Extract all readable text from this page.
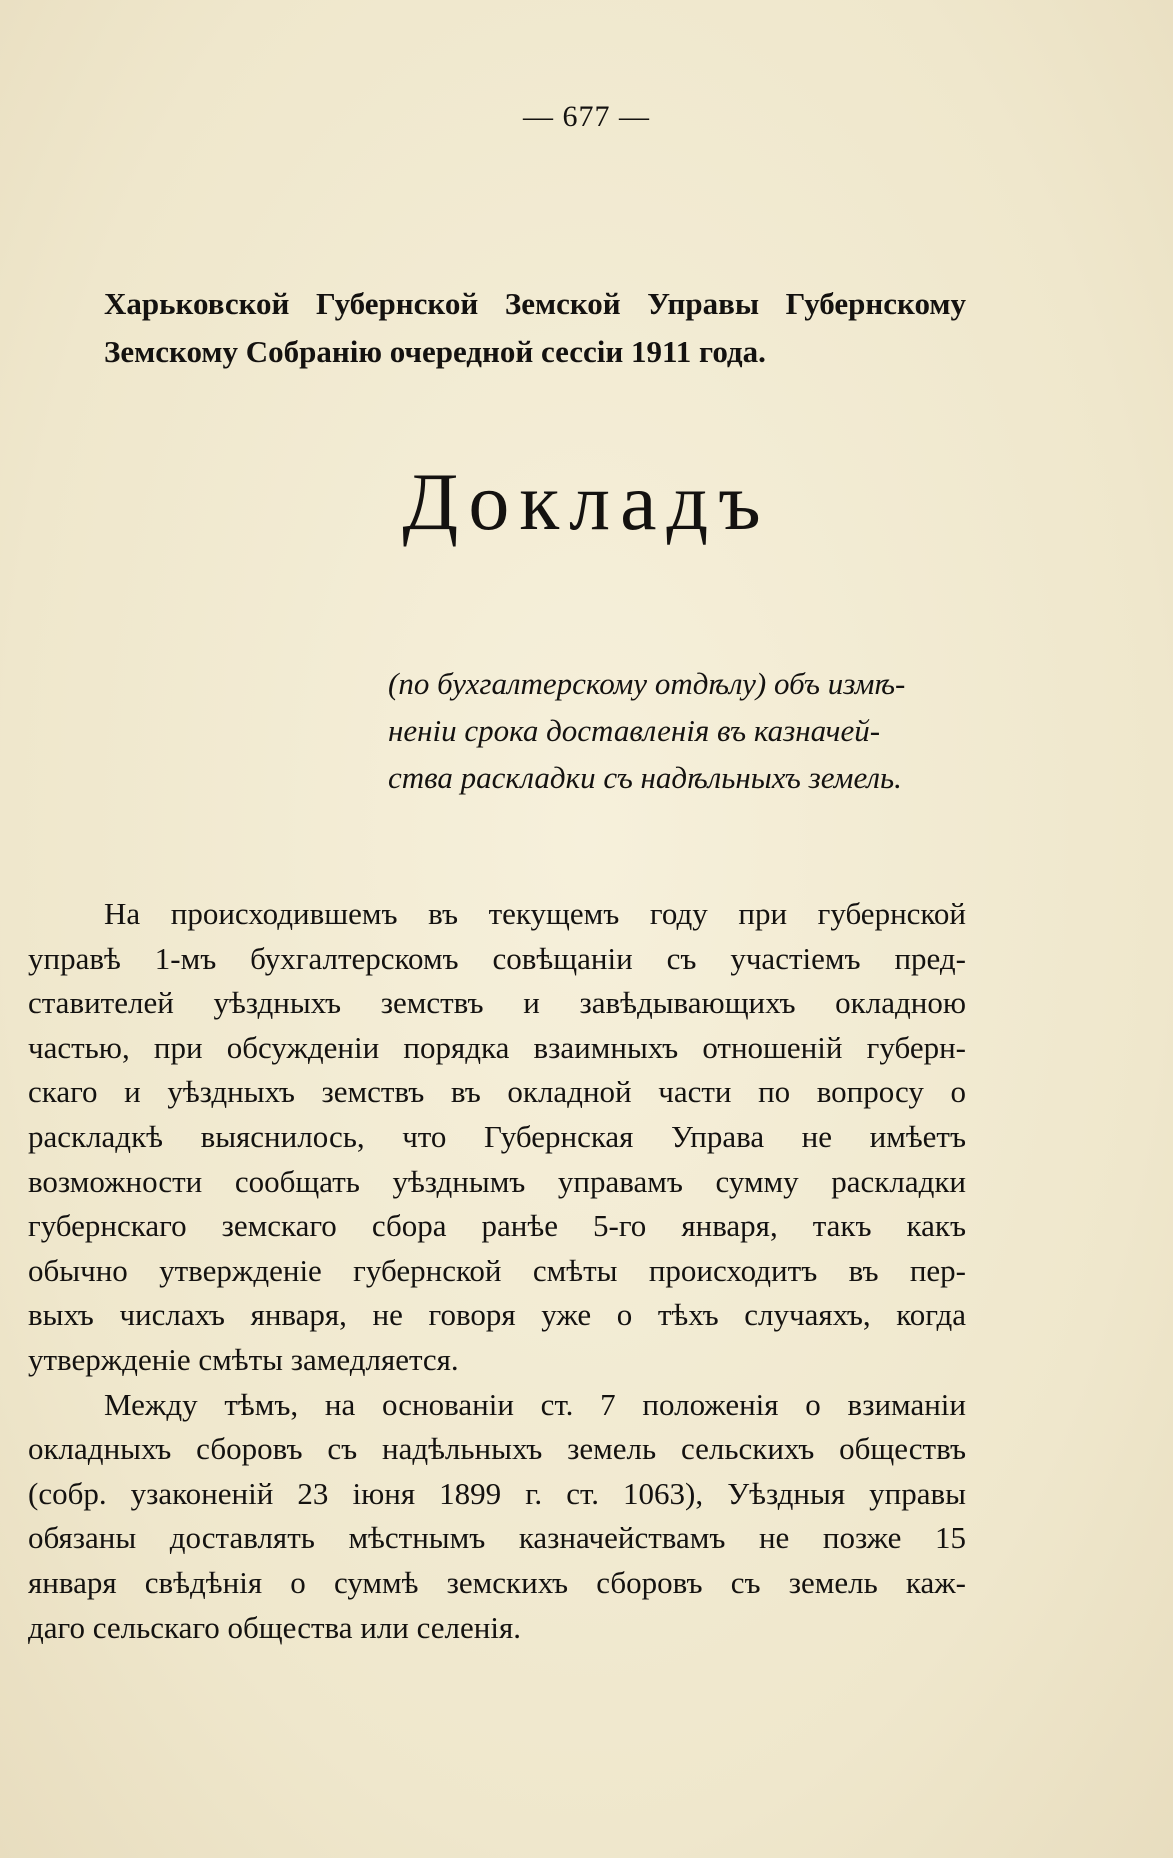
— 677 —
Харьковской Губернской Земской Управы Губернскому Земскому Собранію очередной сессіи 1911 года.
Докладъ
(по бухгалтерскому отдѣлу) объ измѣ-
неніи срока доставленія въ казначей-
ства раскладки съ надѣльныхъ земель.
На происходившемъ въ текущемъ году при губернской
управѣ 1-мъ бухгалтерскомъ совѣщаніи съ участіемъ пред-
ставителей уѣздныхъ земствъ и завѣдывающихъ окладною
частью, при обсужденіи порядка взаимныхъ отношеній губерн-
скаго и уѣздныхъ земствъ въ окладной части по вопросу о
раскладкѣ выяснилось, что Губернская Управа не имѣетъ
возможности сообщать уѣзднымъ управамъ сумму раскладки
губернскаго земскаго сбора ранѣе 5-го января, такъ какъ
обычно утвержденіе губернской смѣты происходитъ въ пер-
выхъ числахъ января, не говоря уже о тѣхъ случаяхъ, когда
утвержденіе смѣты замедляется.
Между тѣмъ, на основаніи ст. 7 положенія о взиманіи
окладныхъ сборовъ съ надѣльныхъ земель сельскихъ обществъ
(собр. узаконеній 23 іюня 1899 г. ст. 1063), Уѣздныя управы
обязаны доставлять мѣстнымъ казначействамъ не позже 15
января свѣдѣнія о суммѣ земскихъ сборовъ съ земель каж-
даго сельскаго общества или селенія.
